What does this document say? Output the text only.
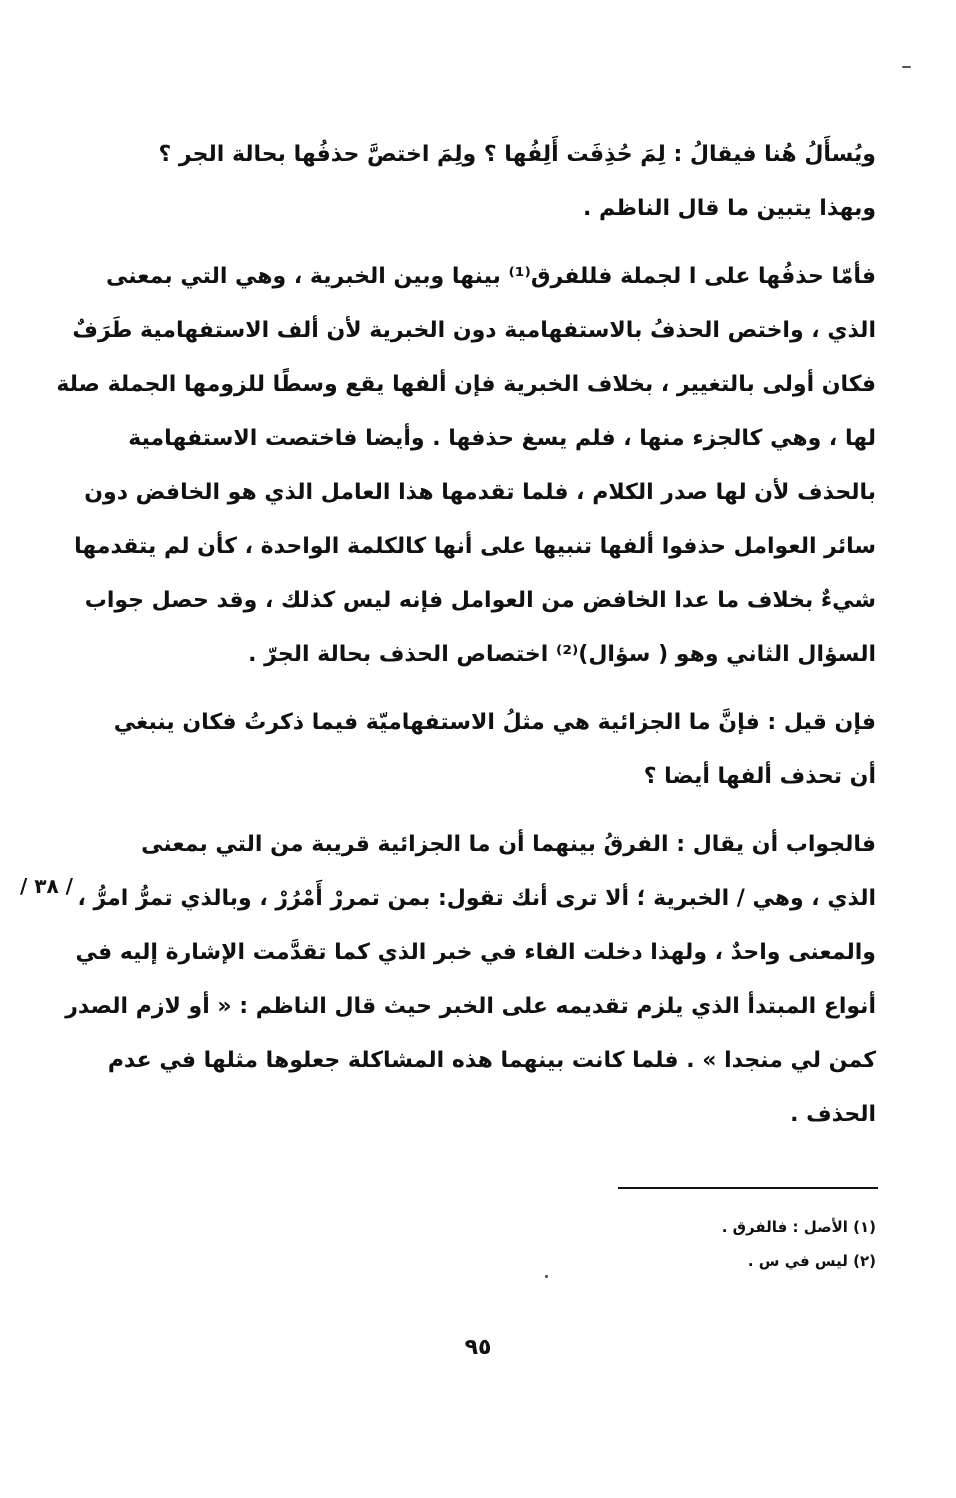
ويُسأَلُ هُنا فيقالُ : لِمَ حُذِفَت أَلِفُها ؟ ولِمَ اختصَّ حذفُها بحالة الجر ؟
وبهذا يتبين ما قال الناظم .

فأمّا حذفُها على ا لجملة فللفرق⁽¹⁾ بينها وبين الخبرية ، وهي التي بمعنى
الذي ، واختص الحذفُ بالاستفهامية دون الخبرية لأن ألف الاستفهامية طَرَفٌ
فكان أولى بالتغيير ، بخلاف الخبرية فإن ألفها يقع وسطًا للزومها الجملة صلة
لها ، وهي كالجزء منها ، فلم يسغ حذفها . وأيضا فاختصت الاستفهامية
بالحذف لأن لها صدر الكلام ، فلما تقدمها هذا العامل الذي هو الخافض دون
سائر العوامل حذفوا ألفها تنبيها على أنها كالكلمة الواحدة ، كأن لم يتقدمها
شيءٌ بخلاف ما عدا الخافض من العوامل فإنه ليس كذلك ، وقد حصل جواب
السؤال الثاني وهو ( سؤال)⁽²⁾ اختصاص الحذف بحالة الجرّ .

فإن قيل : فإنَّ ما الجزائية هي مثلُ الاستفهاميّة فيما ذكرتُ فكان ينبغي
أن تحذف ألفها أيضا ؟

فالجواب أن يقال : الفرقُ بينهما أن ما الجزائية قريبة من التي بمعنى
الذي ، وهي / الخبرية ؛ ألا ترى أنك تقول: بمن تمررْ أَمْرُرْ ، وبالذي تمرُّ امرُّ ،
والمعنى واحدٌ ، ولهذا دخلت الفاء في خبر الذي كما تقدَّمت الإشارة إليه في
أنواع المبتدأ الذي يلزم تقديمه على الخبر حيث قال الناظم : « أو لازم الصدر
كمن لي منجدا » . فلما كانت بينهما هذه المشاكلة جعلوها مثلها في عدم
الحذف .

/ ٣٨ /
(١) الأصل : فالفرق .
(٢) ليس في س .
٩٥
